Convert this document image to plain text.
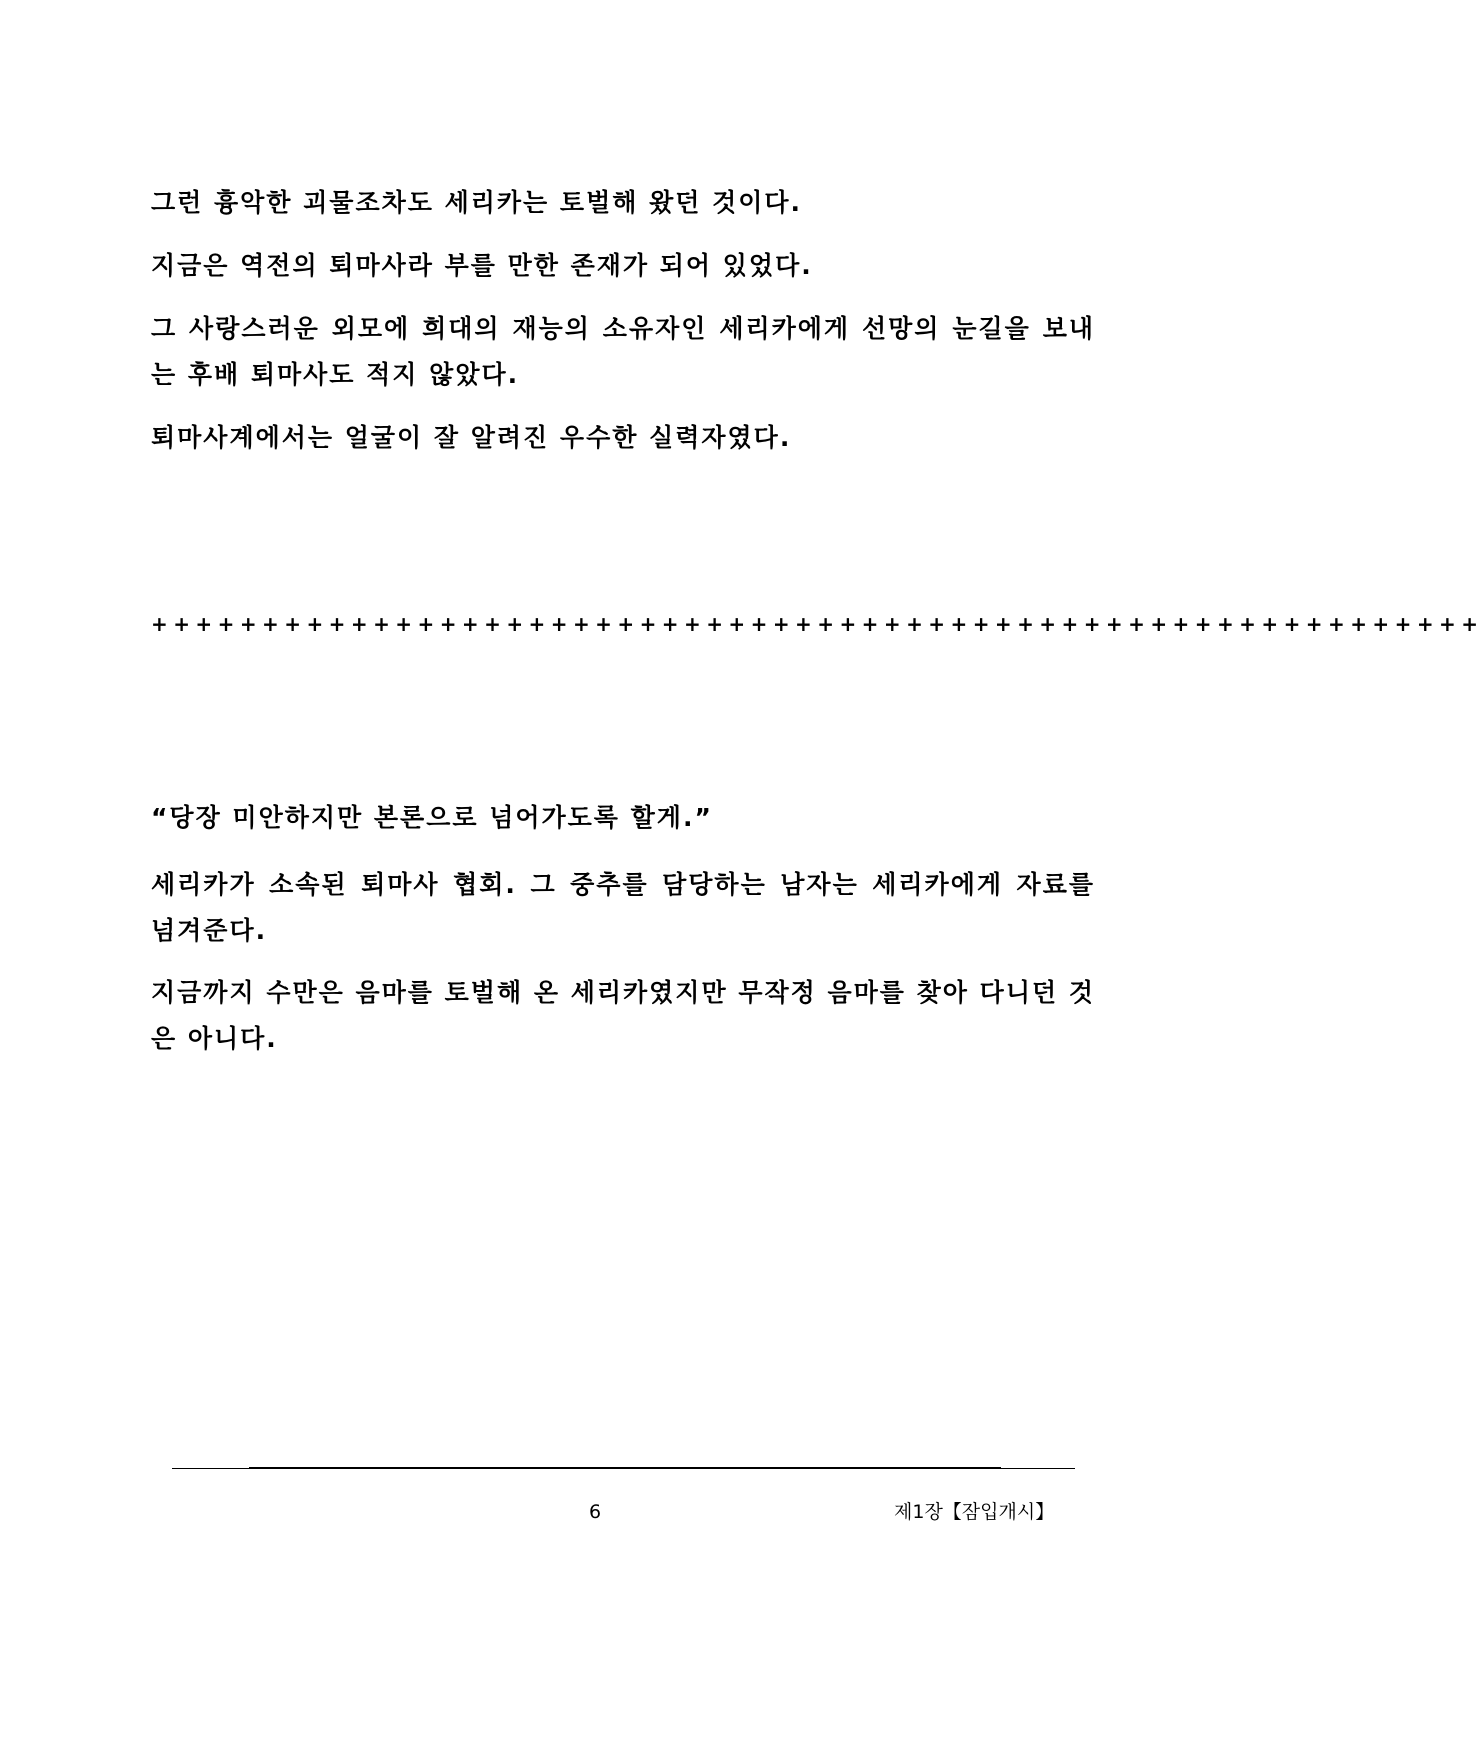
그런 흉악한 괴물조차도 세리카는 토벌해 왔던 것이다.

지금은 역전의 퇴마사라 부를 만한 존재가 되어 있었다.

그 사랑스러운 외모에 희대의 재능의 소유자인 세리카에게 선망의 눈길을 보내는 후배 퇴마사도 적지 않았다.

퇴마사계에서는 얼굴이 잘 알려진 우수한 실력자였다.

++++++++++++++++++++++++++++++++++++++++++++++++++++++++++++

“당장 미안하지만 본론으로 넘어가도록 할게.”

세리카가 소속된 퇴마사 협회. 그 중추를 담당하는 남자는 세리카에게 자료를 넘겨준다.

지금까지 수만은 음마를 토벌해 온 세리카였지만 무작정 음마를 찾아 다니던 것은 아니다.

6	제1장【잠입개시】
